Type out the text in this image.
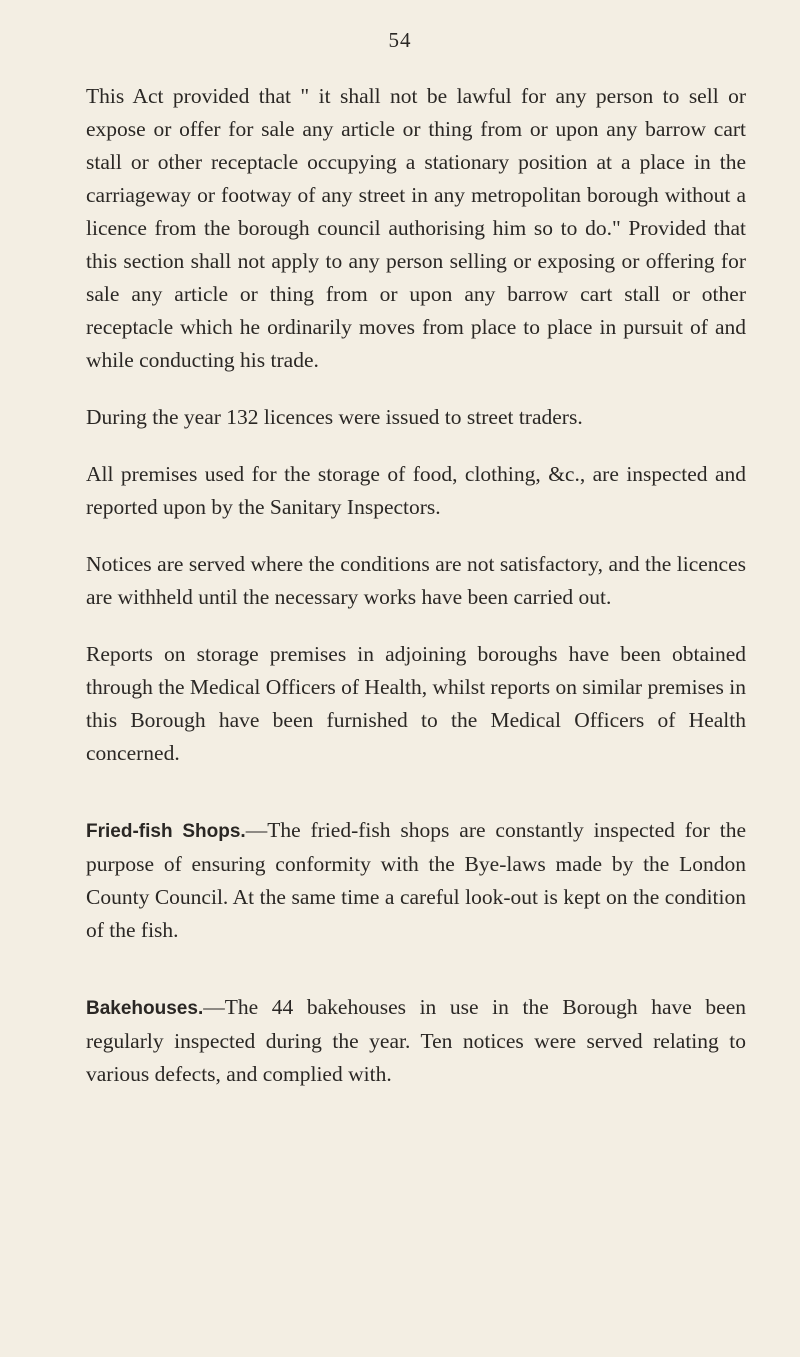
54

This Act provided that " it shall not be lawful for any person to sell or expose or offer for sale any article or thing from or upon any barrow cart stall or other receptacle occupying a stationary position at a place in the carriageway or footway of any street in any metropolitan borough without a licence from the borough council authorising him so to do." Provided that this section shall not apply to any person selling or exposing or offering for sale any article or thing from or upon any barrow cart stall or other receptacle which he ordinarily moves from place to place in pursuit of and while conducting his trade.

During the year 132 licences were issued to street traders.

All premises used for the storage of food, clothing, &c., are inspected and reported upon by the Sanitary Inspectors.

Notices are served where the conditions are not satisfactory, and the licences are withheld until the necessary works have been carried out.

Reports on storage premises in adjoining boroughs have been obtained through the Medical Officers of Health, whilst reports on similar premises in this Borough have been furnished to the Medical Officers of Health concerned.

Fried-fish Shops.—The fried-fish shops are constantly inspected for the purpose of ensuring conformity with the Bye-laws made by the London County Council. At the same time a careful look-out is kept on the condition of the fish.

Bakehouses.—The 44 bakehouses in use in the Borough have been regularly inspected during the year. Ten notices were served relating to various defects, and complied with.
